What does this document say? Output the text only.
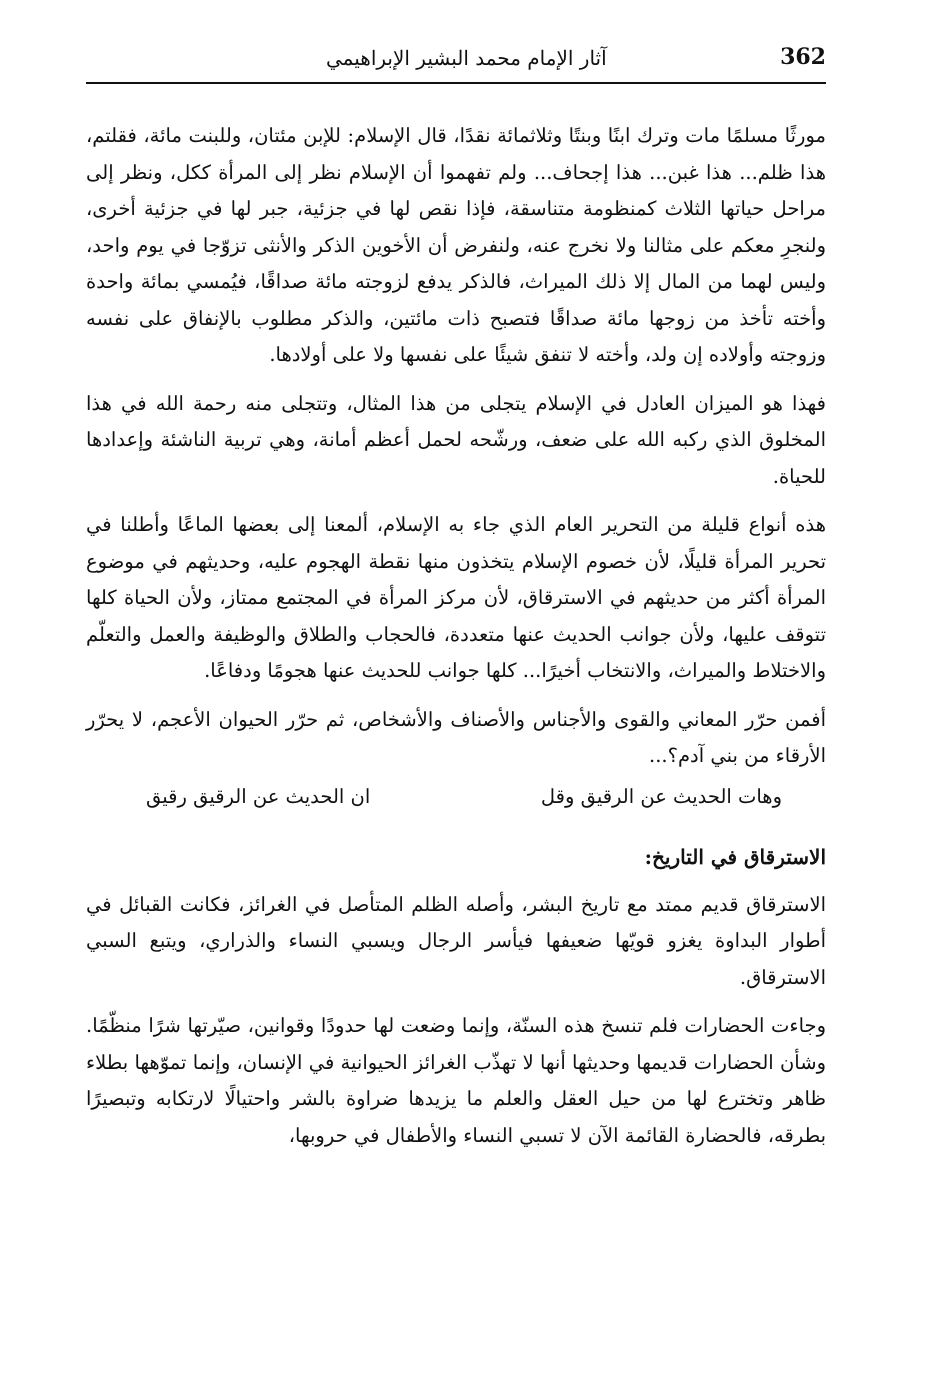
362
آثار الإمام محمد البشير الإبراهيمي

مورثًا مسلمًا مات وترك ابنًا وبنتًا وثلاثمائة نقدًا، قال الإسلام: للإبن مئتان، وللبنت مائة، فقلتم، هذا ظلم... هذا غبن... هذا إجحاف... ولم تفهموا أن الإسلام نظر إلى المرأة ككل، ونظر إلى مراحل حياتها الثلاث كمنظومة متناسقة، فإذا نقص لها في جزئية، جبر لها في جزئية أخرى، ولنجرِ معكم على مثالنا ولا نخرج عنه، ولنفرض أن الأخوين الذكر والأنثى تزوّجا في يوم واحد، وليس لهما من المال إلا ذلك الميراث، فالذكر يدفع لزوجته مائة صداقًا، فيُمسي بمائة واحدة وأخته تأخذ من زوجها مائة صداقًا فتصبح ذات مائتين، والذكر مطلوب بالإنفاق على نفسه وزوجته وأولاده إن ولد، وأخته لا تنفق شيئًا على نفسها ولا على أولادها.

فهذا هو الميزان العادل في الإسلام يتجلى من هذا المثال، وتتجلى منه رحمة الله في هذا المخلوق الذي ركبه الله على ضعف، ورشّحه لحمل أعظم أمانة، وهي تربية الناشئة وإعدادها للحياة.

هذه أنواع قليلة من التحرير العام الذي جاء به الإسلام، ألمعنا إلى بعضها الماعًا وأطلنا في تحرير المرأة قليلًا، لأن خصوم الإسلام يتخذون منها نقطة الهجوم عليه، وحديثهم في موضوع المرأة أكثر من حديثهم في الاسترقاق، لأن مركز المرأة في المجتمع ممتاز، ولأن الحياة كلها تتوقف عليها، ولأن جوانب الحديث عنها متعددة، فالحجاب والطلاق والوظيفة والعمل والتعلّم والاختلاط والميراث، والانتخاب أخيرًا... كلها جوانب للحديث عنها هجومًا ودفاعًا.

أفمن حرّر المعاني والقوى والأجناس والأصناف والأشخاص، ثم حرّر الحيوان الأعجم، لا يحرّر الأرقاء من بني آدم؟...

وهات الحديث عن الرقيق وقل
ان الحديث عن الرقيق رقيق
الاسترقاق في التاريخ:

الاسترقاق قديم ممتد مع تاريخ البشر، وأصله الظلم المتأصل في الغرائز، فكانت القبائل في أطوار البداوة يغزو قويّها ضعيفها فيأسر الرجال ويسبي النساء والذراري، ويتبع السبي الاسترقاق.

وجاءت الحضارات فلم تنسخ هذه السنّة، وإنما وضعت لها حدودًا وقوانين، صيّرتها شرًا منظّمًا. وشأن الحضارات قديمها وحديثها أنها لا تهذّب الغرائز الحيوانية في الإنسان، وإنما تموّهها بطلاء ظاهر وتخترع لها من حيل العقل والعلم ما يزيدها ضراوة بالشر واحتيالًا لارتكابه وتبصيرًا بطرقه، فالحضارة القائمة الآن لا تسبي النساء والأطفال في حروبها،
